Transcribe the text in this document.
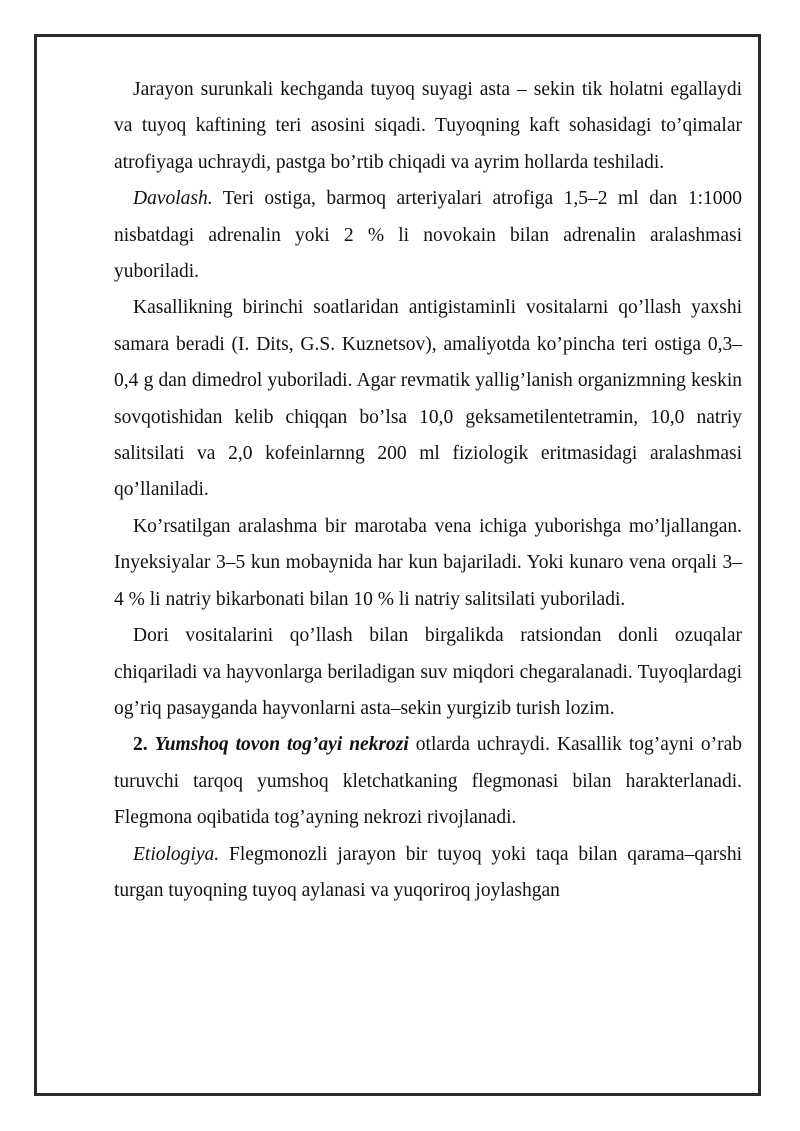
Jarayon surunkali kechganda tuyoq suyagi asta – sekin tik holatni egallaydi va tuyoq kaftining teri asosini siqadi. Tuyoqning kaft sohasidagi to’qimalar atrofiyaga uchraydi, pastga bo’rtib chiqadi va ayrim hollarda teshiladi.

Davolash. Teri ostiga, barmoq arteriyalari atrofiga 1,5–2 ml dan 1:1000 nisbatdagi adrenalin yoki 2 % li novokain bilan adrenalin aralashmasi yuboriladi.

Kasallikning birinchi soatlaridan antigistaminli vositalarni qo’llash yaxshi samara beradi (I. Dits, G.S. Kuznetsov), amaliyotda ko’pincha teri ostiga 0,3–0,4 g dan dimedrol yuboriladi. Agar revmatik yallig’lanish organizmning keskin sovqotishidan kelib chiqqan bo’lsa 10,0 geksametilentetramin, 10,0 natriy salitsilati va 2,0 kofeinlarnng 200 ml fiziologik eritmasidagi aralashmasi qo’llaniladi.

Ko’rsatilgan aralashma bir marotaba vena ichiga yuborishga mo’ljallangan. Inyeksiyalar 3–5 kun mobaynida har kun bajariladi. Yoki kunaro vena orqali 3–4 % li natriy bikarbonati bilan 10 % li natriy salitsilati yuboriladi.

Dori vositalarini qo’llash bilan birgalikda ratsiondan donli ozuqalar chiqariladi va hayvonlarga beriladigan suv miqdori chegaralanadi. Tuyoqlardagi og’riq pasayganda hayvonlarni asta–sekin yurgizib turish lozim.

2. Yumshoq tovon tog’ayi nekrozi otlarda uchraydi. Kasallik tog’ayni o’rab turuvchi tarqoq yumshoq kletchatkaning flegmonasi bilan harakterlanadi. Flegmona oqibatida tog’ayning nekrozi rivojlanadi.

Etiologiya. Flegmonozli jarayon bir tuyoq yoki taqa bilan qarama–qarshi turgan tuyoqning tuyoq aylanasi va yuqoriroq joylashgan
